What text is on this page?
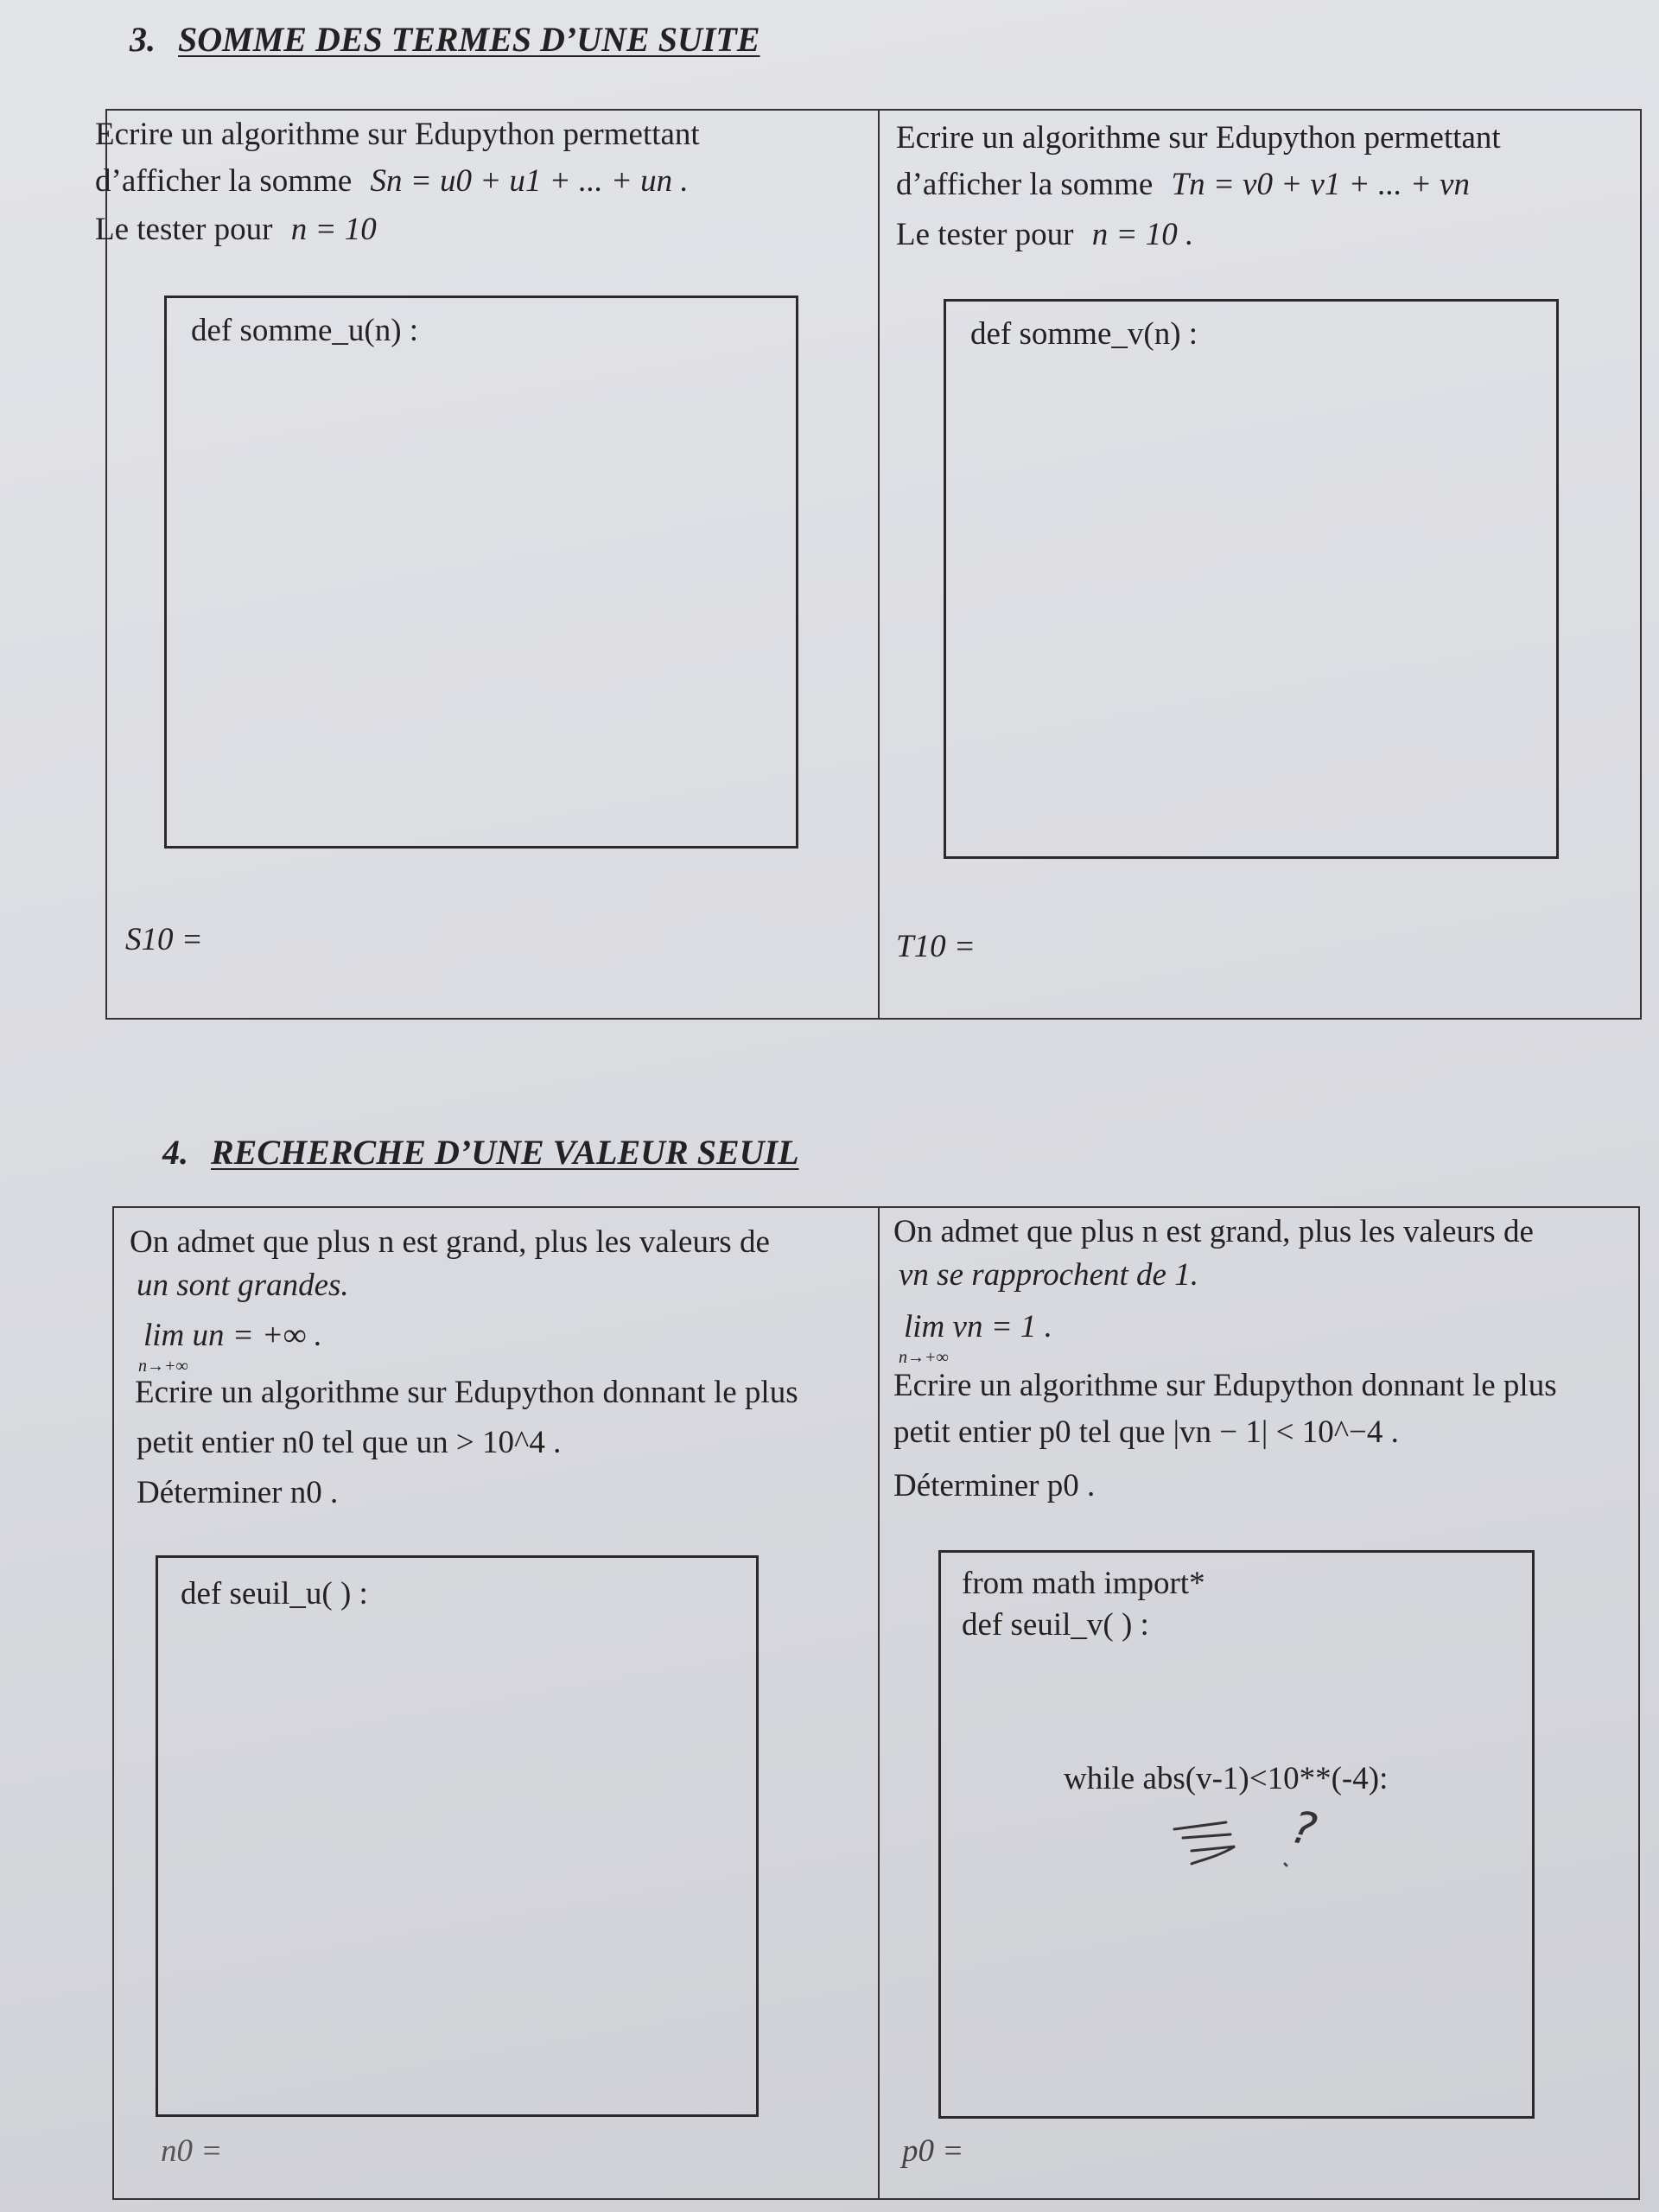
3. SOMME DES TERMES D’UNE SUITE
Ecrire un algorithme sur Edupython permettant
d’afficher la somme Sn = u0 + u1 + ... + un .
Le tester pour n = 10
def somme_u(n) :
S10 =
Ecrire un algorithme sur Edupython permettant
d’afficher la somme Tn = v0 + v1 + ... + vn
Le tester pour n = 10 .
def somme_v(n) :
T10 =
4. RECHERCHE D’UNE VALEUR SEUIL
On admet que plus n est grand, plus les valeurs de
un sont grandes.
lim un = +∞ .
n→+∞
Ecrire un algorithme sur Edupython donnant le plus
petit entier n0 tel que un > 10^4 .
Déterminer n0 .
def seuil_u( ) :
n0 =
On admet que plus n est grand, plus les valeurs de
vn se rapprochent de 1.
lim vn = 1 .
n→+∞
Ecrire un algorithme sur Edupython donnant le plus
petit entier p0 tel que |vn − 1| < 10^−4 .
Déterminer p0 .
from math import*
def seuil_v( ) :
while abs(v-1)<10**(-4):
?
p0 =
